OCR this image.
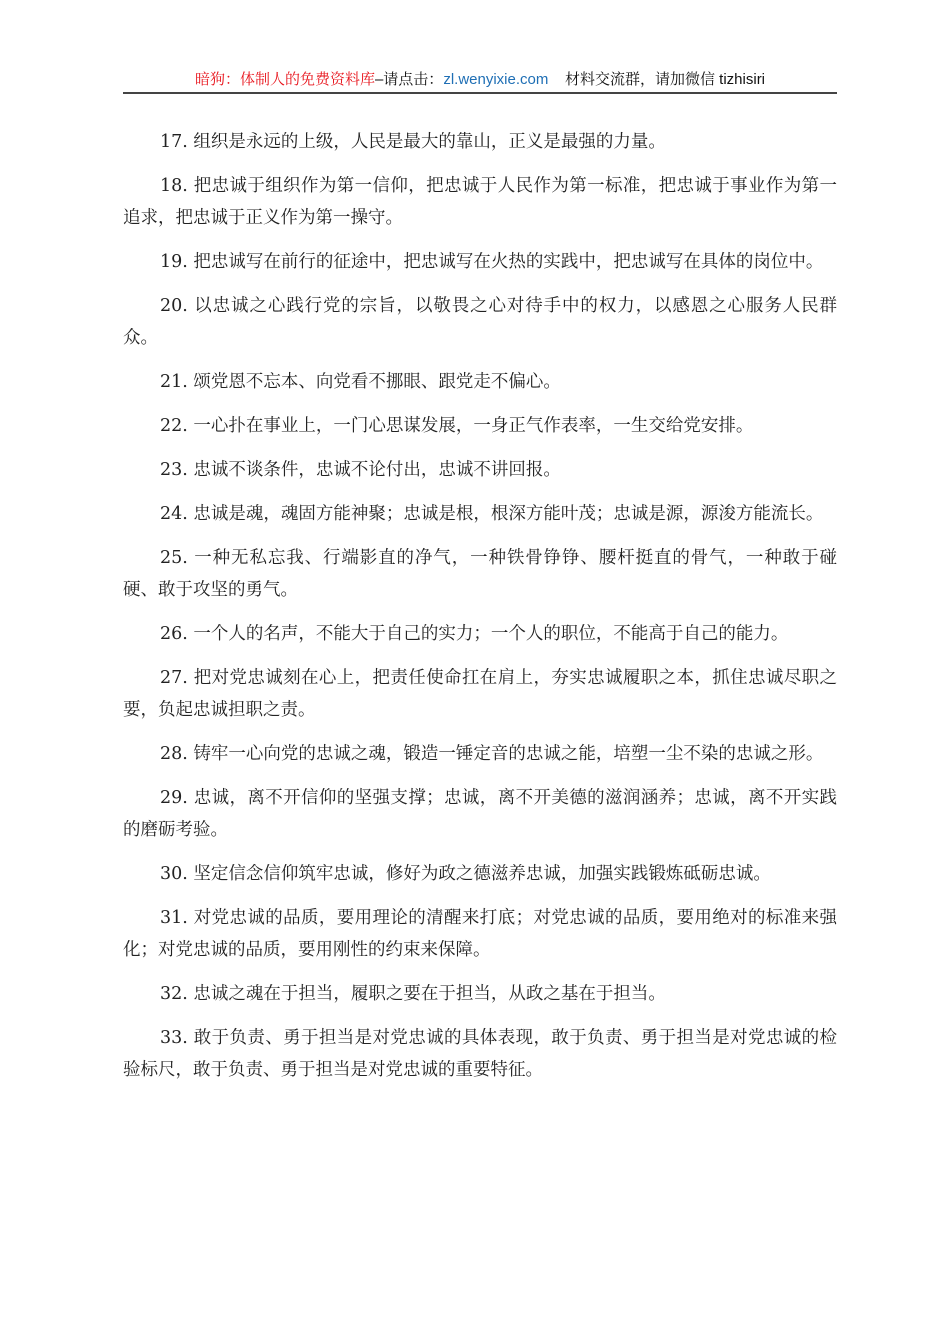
暗狗：体制人的免费资料库–请点击：zl.wenyixie.com 材料交流群，请加微信 tizhisiri

17. 组织是永远的上级，人民是最大的靠山，正义是最强的力量。

18. 把忠诚于组织作为第一信仰，把忠诚于人民作为第一标准，把忠诚于事业作为第一追求，把忠诚于正义作为第一操守。

19. 把忠诚写在前行的征途中，把忠诚写在火热的实践中，把忠诚写在具体的岗位中。

20. 以忠诚之心践行党的宗旨，以敬畏之心对待手中的权力，以感恩之心服务人民群众。

21. 颂党恩不忘本、向党看不挪眼、跟党走不偏心。

22. 一心扑在事业上，一门心思谋发展，一身正气作表率，一生交给党安排。

23. 忠诚不谈条件，忠诚不论付出，忠诚不讲回报。

24. 忠诚是魂，魂固方能神聚；忠诚是根，根深方能叶茂；忠诚是源，源浚方能流长。

25. 一种无私忘我、行端影直的净气，一种铁骨铮铮、腰杆挺直的骨气，一种敢于碰硬、敢于攻坚的勇气。

26. 一个人的名声，不能大于自己的实力；一个人的职位，不能高于自己的能力。

27. 把对党忠诚刻在心上，把责任使命扛在肩上，夯实忠诚履职之本，抓住忠诚尽职之要，负起忠诚担职之责。

28. 铸牢一心向党的忠诚之魂，锻造一锤定音的忠诚之能，培塑一尘不染的忠诚之形。

29. 忠诚，离不开信仰的坚强支撑；忠诚，离不开美德的滋润涵养；忠诚，离不开实践的磨砺考验。

30. 坚定信念信仰筑牢忠诚，修好为政之德滋养忠诚，加强实践锻炼砥砺忠诚。

31. 对党忠诚的品质，要用理论的清醒来打底；对党忠诚的品质，要用绝对的标准来强化；对党忠诚的品质，要用刚性的约束来保障。

32. 忠诚之魂在于担当，履职之要在于担当，从政之基在于担当。

33. 敢于负责、勇于担当是对党忠诚的具体表现，敢于负责、勇于担当是对党忠诚的检验标尺，敢于负责、勇于担当是对党忠诚的重要特征。
